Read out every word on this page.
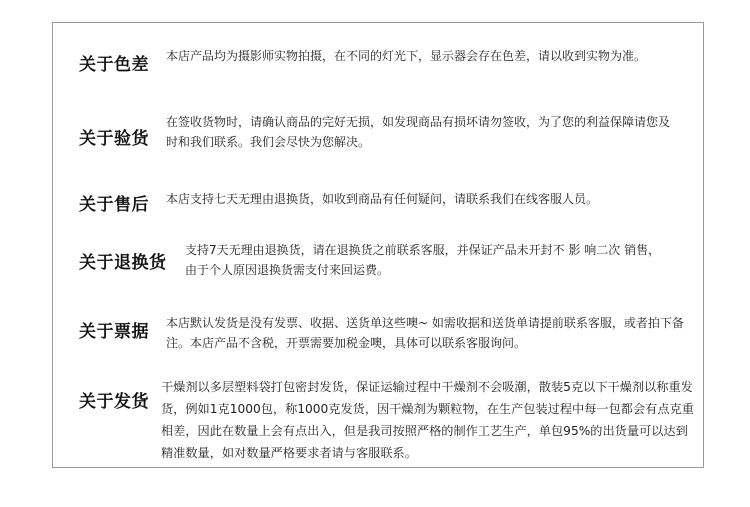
关于色差 本店产品均为摄影师实物拍摄，在不同的灯光下，显示器会存在色差，请以收到实物为准。
关于验货
在签收货物时，请确认商品的完好无损，如发现商品有损坏请勿签收，为了您的利益保障请您及时和我们联系。我们会尽快为您解决。
关于售后 本店支持七天无理由退换货，如收到商品有任何疑问，请联系我们在线客服人员。
关于退换货
支持7天无理由退换货，请在退换货之前联系客服，并保证产品未开封不 影 响二次 销售， 由于个人原因退换货需支付来回运费。
关于票据 本店默认发货是没有发票、收据、送货单这些噢~ 如需收据和送货单请提前联系客服，或者拍下备注。本店产品不含税，开票需要加税金噢，具体可以联系客服询问。
关于发货
干燥剂以多层塑料袋打包密封发货，保证运输过程中干燥剂不会吸潮，散装5克以下干燥剂以称重发货，例如1克1000包，称1000克发货，因干燥剂为颗粒物，在生产包装过程中每一包都会有点克重相差，因此在数量上会有点出入，但是我司按照严格的制作工艺生产，单包95%的出货量可以达到精准数量，如对数量严格要求者请与客服联系。
